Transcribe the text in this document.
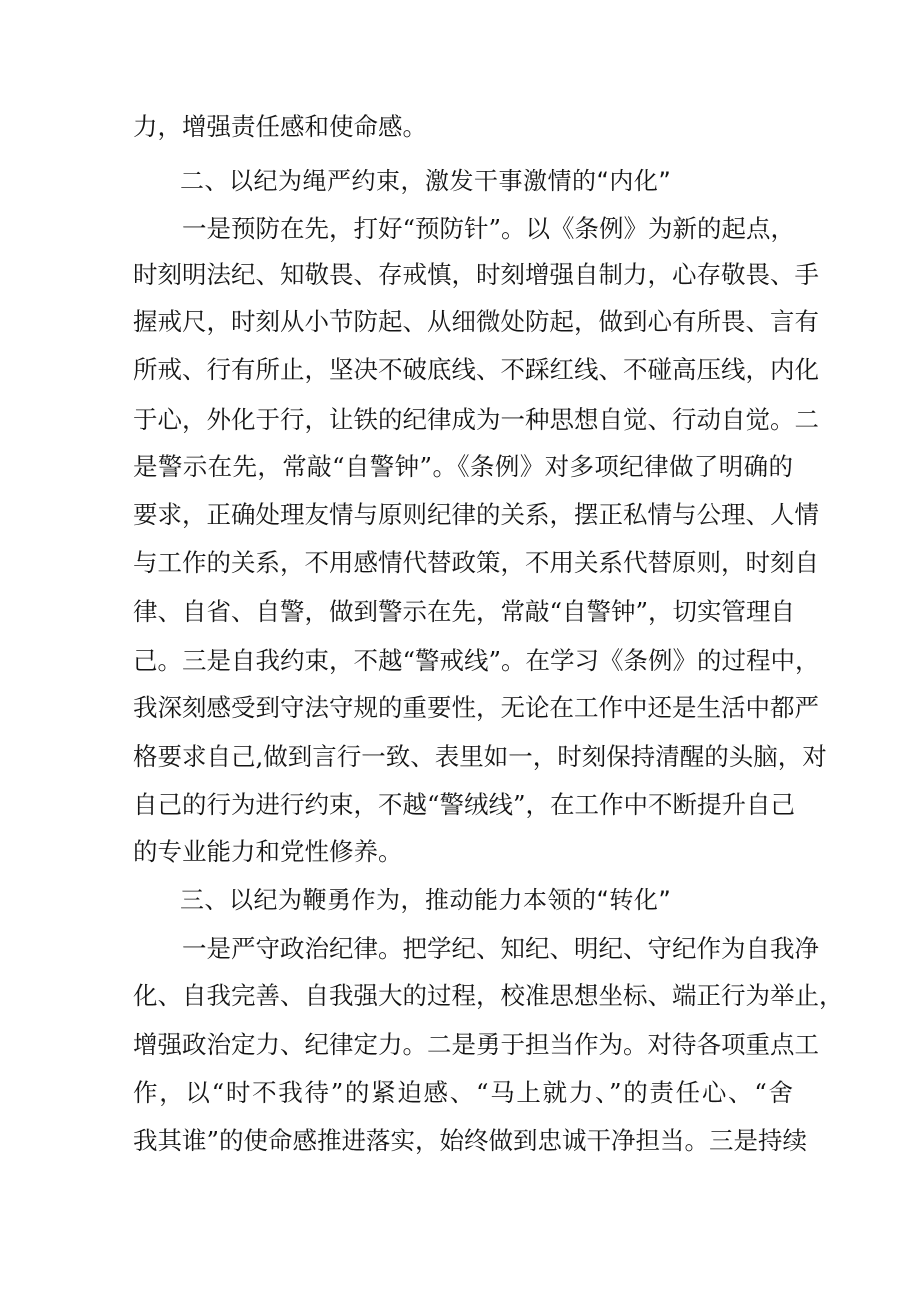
力，增强责任感和使命感。
二、以纪为绳严约束，激发干事激情的“内化”
一是预防在先，打好“预防针”。以《条例》为新的起点，
时刻明法纪、知敬畏、存戒慎，时刻增强自制力，心存敬畏、手
握戒尺，时刻从小节防起、从细微处防起，做到心有所畏、言有
所戒、行有所止，坚决不破底线、不踩红线、不碰高压线，内化
于心，外化于行，让铁的纪律成为一种思想自觉、行动自觉。二
是警示在先，常敲“自警钟”。《条例》对多项纪律做了明确的
要求，正确处理友情与原则纪律的关系，摆正私情与公理、人情
与工作的关系，不用感情代替政策，不用关系代替原则，时刻自
律、自省、自警，做到警示在先，常敲“自警钟”，切实管理自
己。三是自我约束，不越“警戒线”。在学习《条例》的过程中，
我深刻感受到守法守规的重要性，无论在工作中还是生活中都严
格要求自己,做到言行一致、表里如一，时刻保持清醒的头脑，对
自己的行为进行约束，不越“警绒线”，在工作中不断提升自己
的专业能力和党性修养。
三、以纪为鞭勇作为，推动能力本领的“转化”
一是严守政治纪律。把学纪、知纪、明纪、守纪作为自我净
化、自我完善、自我强大的过程，校准思想坐标、端正行为举止，
增强政治定力、纪律定力。二是勇于担当作为。对待各项重点工
作，以“时不我待”的紧迫感、“马上就力、”的责任心、“舍
我其谁”的使命感推进落实，始终做到忠诚干净担当。三是持续
